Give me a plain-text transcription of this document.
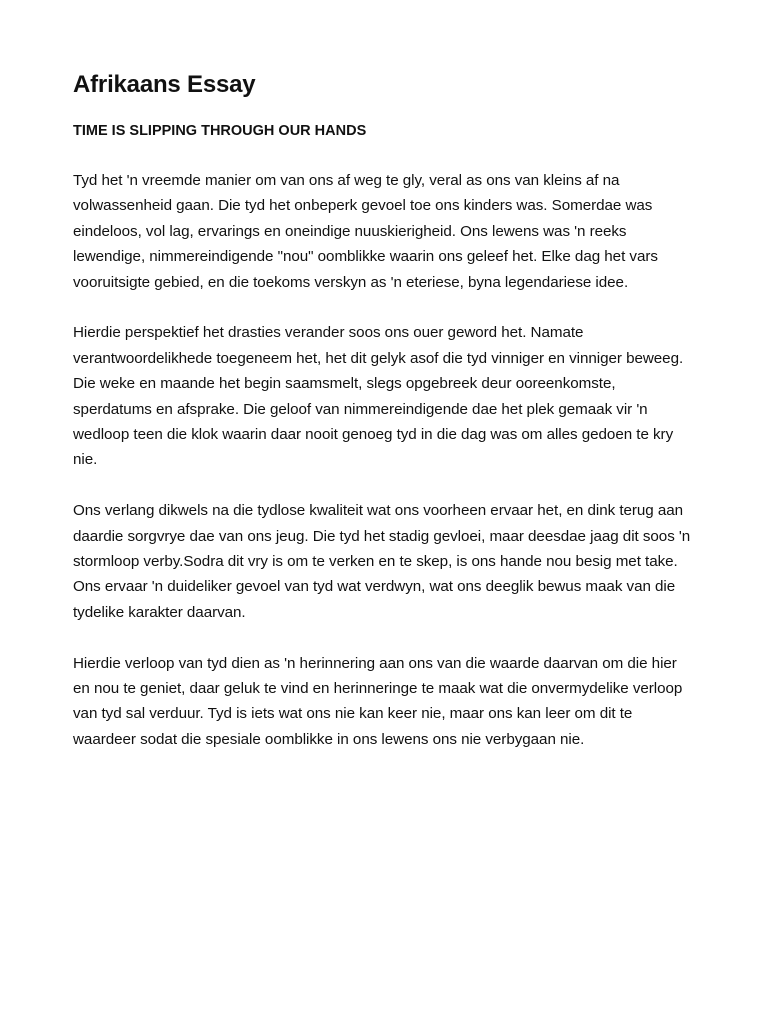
Afrikaans Essay
TIME IS SLIPPING THROUGH OUR HANDS

Tyd het 'n vreemde manier om van ons af weg te gly, veral as ons van kleins af na volwassenheid gaan. Die tyd het onbeperk gevoel toe ons kinders was. Somerdae was eindeloos, vol lag, ervarings en oneindige nuuskierigheid. Ons lewens was 'n reeks lewendige, nimmereindigende "nou" oomblikke waarin ons geleef het. Elke dag het vars vooruitsigte gebied, en die toekoms verskyn as 'n eteriese, byna legendariese idee.

Hierdie perspektief het drasties verander soos ons ouer geword het. Namate verantwoordelikhede toegeneem het, het dit gelyk asof die tyd vinniger en vinniger beweeg. Die weke en maande het begin saamsmelt, slegs opgebreek deur ooreenkomste, sperdatums en afsprake. Die geloof van nimmereindigende dae het plek gemaak vir 'n wedloop teen die klok waarin daar nooit genoeg tyd in die dag was om alles gedoen te kry nie.

Ons verlang dikwels na die tydlose kwaliteit wat ons voorheen ervaar het, en dink terug aan daardie sorgvrye dae van ons jeug. Die tyd het stadig gevloei, maar deesdae jaag dit soos 'n stormloop verby.Sodra dit vry is om te verken en te skep, is ons hande nou besig met take. Ons ervaar 'n duideliker gevoel van tyd wat verdwyn, wat ons deeglik bewus maak van die tydelike karakter daarvan.

Hierdie verloop van tyd dien as 'n herinnering aan ons van die waarde daarvan om die hier en nou te geniet, daar geluk te vind en herinneringe te maak wat die onvermydelike verloop van tyd sal verduur. Tyd is iets wat ons nie kan keer nie, maar ons kan leer om dit te waardeer sodat die spesiale oomblikke in ons lewens ons nie verbygaan nie.
